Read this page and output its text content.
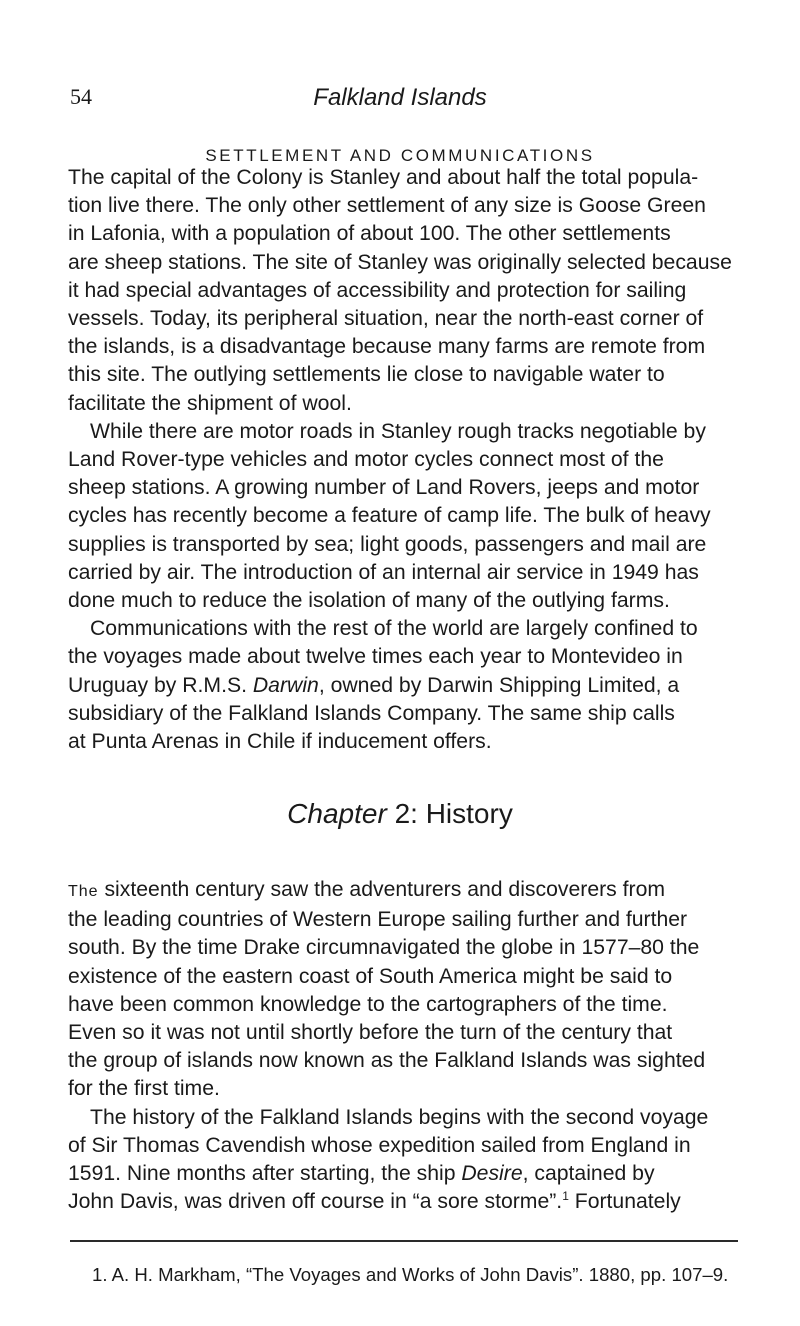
54	Falkland Islands
SETTLEMENT AND COMMUNICATIONS

The capital of the Colony is Stanley and about half the total popula-

tion live there. The only other settlement of any size is Goose Green

in Lafonia, with a population of about 100. The other settlements

are sheep stations. The site of Stanley was originally selected because

it had special advantages of accessibility and protection for sailing

vessels. Today, its peripheral situation, near the north-east corner of

the islands, is a disadvantage because many farms are remote from

this site. The outlying settlements lie close to navigable water to

facilitate the shipment of wool.

While there are motor roads in Stanley rough tracks negotiable by

Land Rover-type vehicles and motor cycles connect most of the

sheep stations. A growing number of Land Rovers, jeeps and motor

cycles has recently become a feature of camp life. The bulk of heavy

supplies is transported by sea; light goods, passengers and mail are

carried by air. The introduction of an internal air service in 1949 has

done much to reduce the isolation of many of the outlying farms.

Communications with the rest of the world are largely confined to

the voyages made about twelve times each year to Montevideo in

Uruguay by R.M.S. Darwin, owned by Darwin Shipping Limited, a

subsidiary of the Falkland Islands Company. The same ship calls

at Punta Arenas in Chile if inducement offers.

Chapter 2: History

The sixteenth century saw the adventurers and discoverers from

the leading countries of Western Europe sailing further and further

south. By the time Drake circumnavigated the globe in 1577–80 the

existence of the eastern coast of South America might be said to

have been common knowledge to the cartographers of the time.

Even so it was not until shortly before the turn of the century that

the group of islands now known as the Falkland Islands was sighted

for the first time.

The history of the Falkland Islands begins with the second voyage

of Sir Thomas Cavendish whose expedition sailed from England in

1591. Nine months after starting, the ship Desire, captained by

John Davis, was driven off course in “a sore storme”.$^1$ Fortunately

1. A. H. Markham, “The Voyages and Works of John Davis”. 1880, pp. 107–9.
